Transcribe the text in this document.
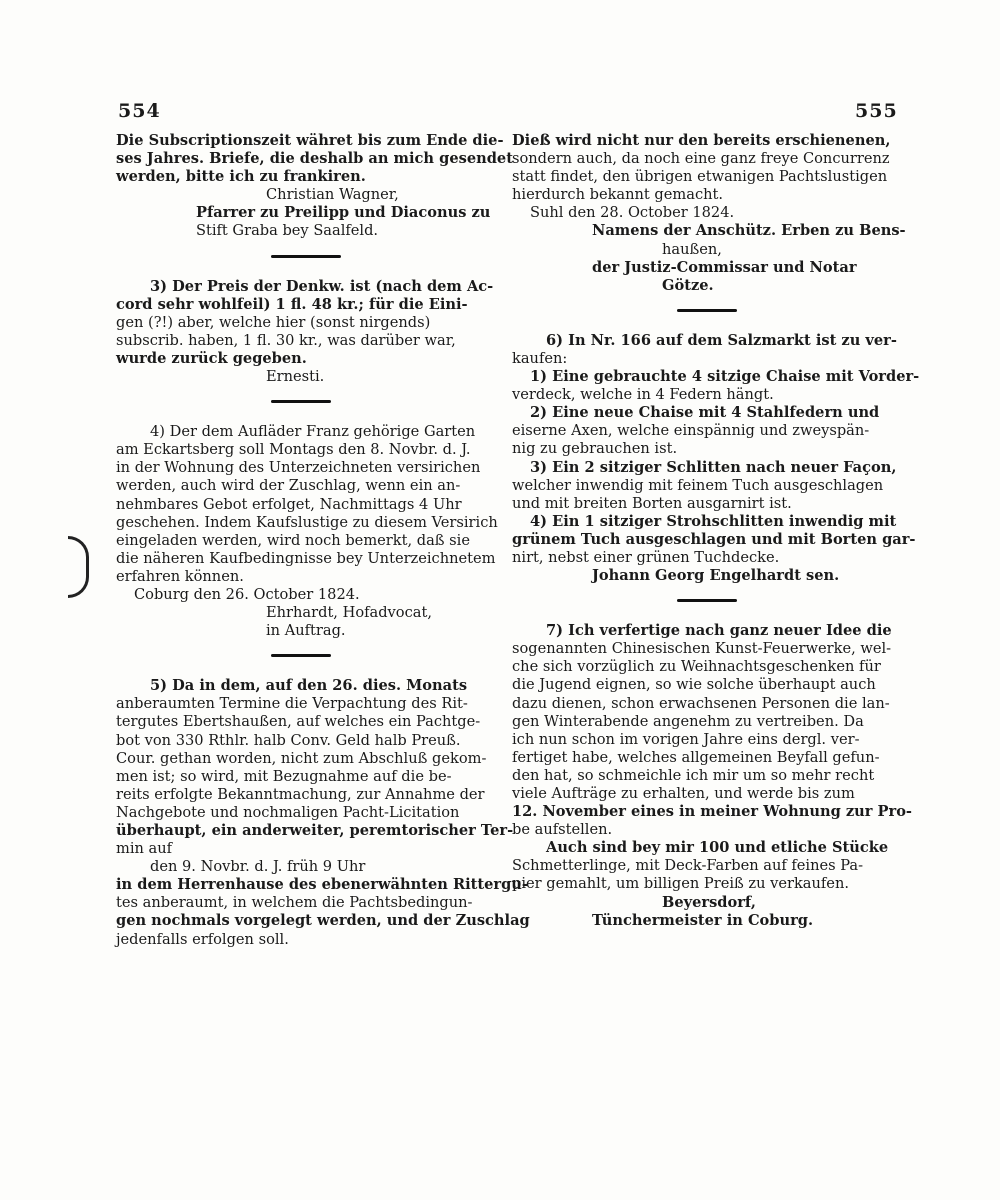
554	555
Die Subscriptionszeit währet bis zum Ende die-
ses Jahres. Briefe, die deshalb an mich gesendet
werden, bitte ich zu frankiren.
Christian Wagner,
Pfarrer zu Preilipp und Diaconus zu
Stift Graba bey Saalfeld.
3) Der Preis der Denkw. ist (nach dem Ac-
cord sehr wohlfeil) 1 fl. 48 kr.; für die Eini-
gen (?!) aber, welche hier (sonst nirgends)
subscrib. haben, 1 fl. 30 kr., was darüber war,
wurde zurück gegeben.
Ernesti.
4) Der dem Aufläder Franz gehörige Garten
am Eckartsberg soll Montags den 8. Novbr. d. J.
in der Wohnung des Unterzeichneten versirichen
werden, auch wird der Zuschlag, wenn ein an-
nehmbares Gebot erfolget, Nachmittags 4 Uhr
geschehen. Indem Kaufslustige zu diesem Versirich
eingeladen werden, wird noch bemerkt, daß sie
die näheren Kaufbedingnisse bey Unterzeichnetem
erfahren können.
Coburg den 26. October 1824.
Ehrhardt, Hofadvocat,
in Auftrag.
5) Da in dem, auf den 26. dies. Monats
anberaumten Termine die Verpachtung des Rit-
tergutes Ebertshaußen, auf welches ein Pachtge-
bot von 330 Rthlr. halb Conv. Geld halb Preuß.
Cour. gethan worden, nicht zum Abschluß gekom-
men ist; so wird, mit Bezugnahme auf die be-
reits erfolgte Bekanntmachung, zur Annahme der
Nachgebote und nochmaligen Pacht-Licitation
überhaupt, ein anderweiter, peremtorischer Ter-
min auf
den 9. Novbr. d. J. früh 9 Uhr
in dem Herrenhause des ebenerwähnten Rittergu-
tes anberaumt, in welchem die Pachtsbedingun-
gen nochmals vorgelegt werden, und der Zuschlag
jedenfalls erfolgen soll.
Dieß wird nicht nur den bereits erschienenen,
sondern auch, da noch eine ganz freye Concurrenz
statt findet, den übrigen etwanigen Pachtslustigen
hierdurch bekannt gemacht.
Suhl den 28. October 1824.
Namens der Anschütz. Erben zu Bens-
haußen,
der Justiz-Commissar und Notar
Götze.
6) In Nr. 166 auf dem Salzmarkt ist zu ver-
kaufen:
1) Eine gebrauchte 4 sitzige Chaise mit Vorder-
verdeck, welche in 4 Federn hängt.
2) Eine neue Chaise mit 4 Stahlfedern und
eiserne Axen, welche einspännig und zweyspän-
nig zu gebrauchen ist.
3) Ein 2 sitziger Schlitten nach neuer Façon,
welcher inwendig mit feinem Tuch ausgeschlagen
und mit breiten Borten ausgarnirt ist.
4) Ein 1 sitziger Strohschlitten inwendig mit
grünem Tuch ausgeschlagen und mit Borten gar-
nirt, nebst einer grünen Tuchdecke.
Johann Georg Engelhardt sen.
7) Ich verfertige nach ganz neuer Idee die
sogenannten Chinesischen Kunst-Feuerwerke, wel-
che sich vorzüglich zu Weihnachtsgeschenken für
die Jugend eignen, so wie solche überhaupt auch
dazu dienen, schon erwachsenen Personen die lan-
gen Winterabende angenehm zu vertreiben. Da
ich nun schon im vorigen Jahre eins dergl. ver-
fertiget habe, welches allgemeinen Beyfall gefun-
den hat, so schmeichle ich mir um so mehr recht
viele Aufträge zu erhalten, und werde bis zum
12. November eines in meiner Wohnung zur Pro-
be aufstellen.
Auch sind bey mir 100 und etliche Stücke
Schmetterlinge, mit Deck-Farben auf feines Pa-
pier gemahlt, um billigen Preiß zu verkaufen.
Beyersdorf,
Tünchermeister in Coburg.
